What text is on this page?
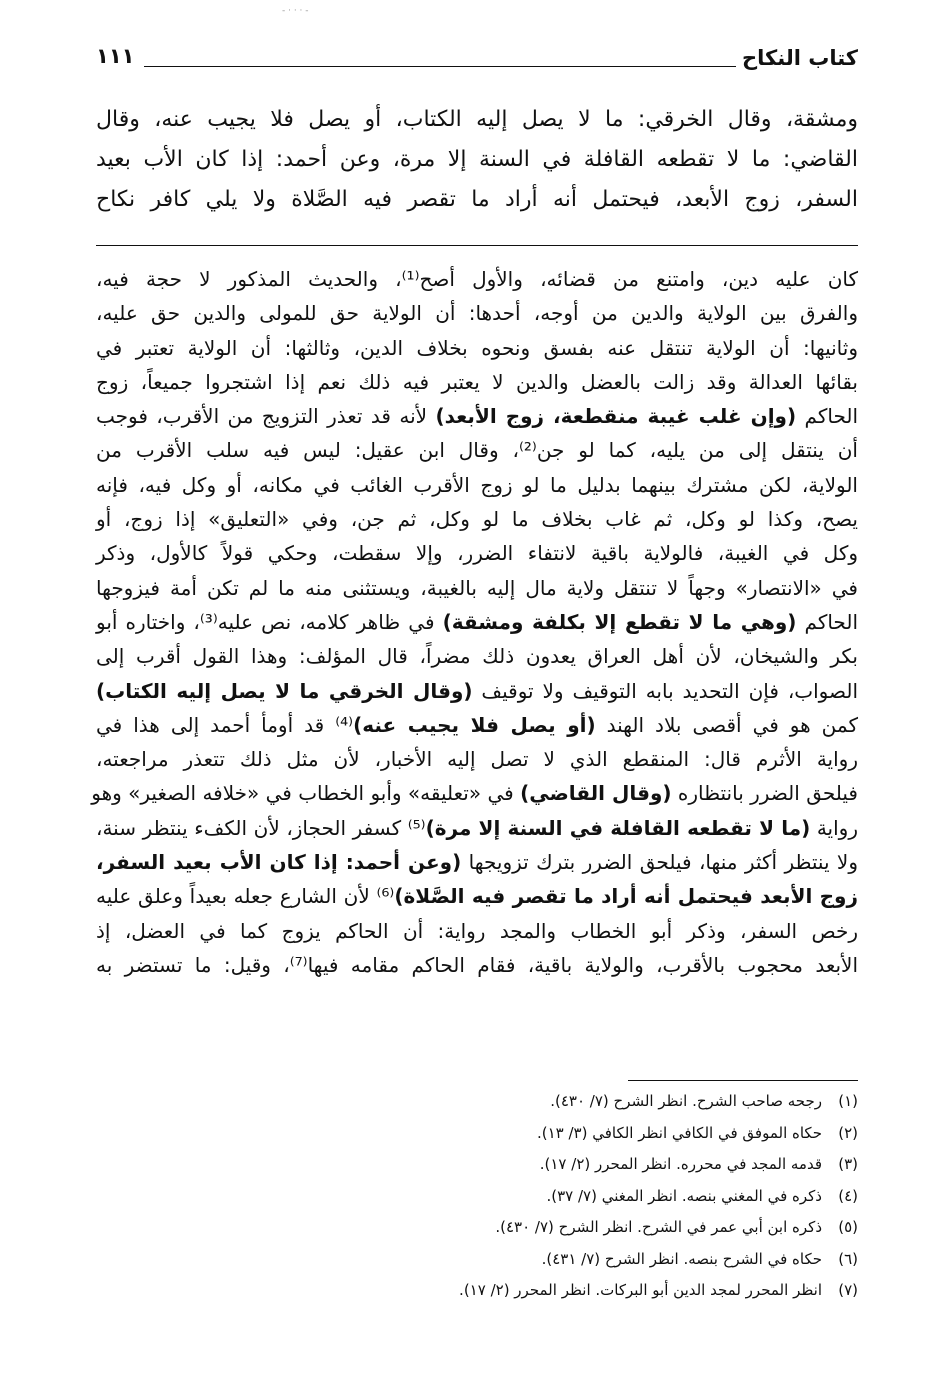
- · · · -
كتاب النكاح
١١١

ومشقة، وقال الخرقي: ما لا يصل إليه الكتاب، أو يصل فلا يجيب عنه، وقال

القاضي: ما لا تقطعه القافلة في السنة إلا مرة، وعن أحمد: إذا كان الأب بعيد

السفر، زوج الأبعد، فيحتمل أنه أراد ما تقصر فيه الصَّلاة ولا يلي كافر نكاح

كان عليه دين، وامتنع من قضائه، والأول أصح⁽¹⁾، والحديث المذكور لا حجة فيه،

والفرق بين الولاية والدين من أوجه، أحدها: أن الولاية حق للمولى والدين حق عليه،

وثانيها: أن الولاية تنتقل عنه بفسق ونحوه بخلاف الدين، وثالثها: أن الولاية تعتبر في

بقائها العدالة وقد زالت بالعضل والدين لا يعتبر فيه ذلك نعم إذا اشتجروا جميعاً، زوج

الحاكم (وإن غلب غيبة منقطعة، زوج الأبعد) لأنه قد تعذر التزويج من الأقرب، فوجب

أن ينتقل إلى من يليه، كما لو جن⁽²⁾، وقال ابن عقيل: ليس فيه سلب الأقرب من

الولاية، لكن مشترك بينهما بدليل ما لو زوج الأقرب الغائب في مكانه، أو وكل فيه، فإنه

يصح، وكذا لو وكل، ثم غاب بخلاف ما لو وكل، ثم جن، وفي «التعليق» إذا زوج، أو

وكل في الغيبة، فالولاية باقية لانتفاء الضرر، وإلا سقطت، وحكي قولاً كالأول، وذكر

في «الانتصار» وجهاً لا تنتقل ولاية مال إليه بالغيبة، ويستثنى منه ما لم تكن أمة فيزوجها

الحاكم (وهي ما لا تقطع إلا بكلفة ومشقة) في ظاهر كلامه، نص عليه⁽³⁾، واختاره أبو

بكر والشيخان، لأن أهل العراق يعدون ذلك مضراً، قال المؤلف: وهذا القول أقرب إلى

الصواب، فإن التحديد بابه التوقيف ولا توقيف (وقال الخرقي ما لا يصل إليه الكتاب)

كمن هو في أقصى بلاد الهند (أو يصل فلا يجيب عنه)⁽⁴⁾ قد أومأ أحمد إلى هذا في

رواية الأثرم قال: المنقطع الذي لا تصل إليه الأخبار، لأن مثل ذلك تتعذر مراجعته،

فيلحق الضرر بانتظاره (وقال القاضي) في «تعليقه» وأبو الخطاب في «خلافه الصغير» وهو

رواية (ما لا تقطعه القافلة في السنة إلا مرة)⁽⁵⁾ كسفر الحجاز، لأن الكفء ينتظر سنة،

ولا ينتظر أكثر منها، فيلحق الضرر بترك تزويجها (وعن أحمد: إذا كان الأب بعيد السفر،

زوج الأبعد فيحتمل أنه أراد ما تقصر فيه الصَّلاة)⁽⁶⁾ لأن الشارع جعله بعيداً وعلق عليه

رخص السفر، وذكر أبو الخطاب والمجد رواية: أن الحاكم يزوج كما في العضل، إذ

الأبعد محجوب بالأقرب، والولاية باقية، فقام الحاكم مقامه فيها⁽⁷⁾، وقيل: ما تستضر به

(١)رجحه صاحب الشرح. انظر الشرح (٧/ ٤٣٠).
(٢)حكاه الموفق في الكافي انظر الكافي (٣/ ١٣).
(٣)قدمه المجد في محرره. انظر المحرر (٢/ ١٧).
(٤)ذكره في المغني بنصه. انظر المغني (٧/ ٣٧).
(٥)ذكره ابن أبي عمر في الشرح. انظر الشرح (٧/ ٤٣٠).
(٦)حكاه في الشرح بنصه. انظر الشرح (٧/ ٤٣١).
(٧)انظر المحرر لمجد الدين أبو البركات. انظر المحرر (٢/ ١٧).
